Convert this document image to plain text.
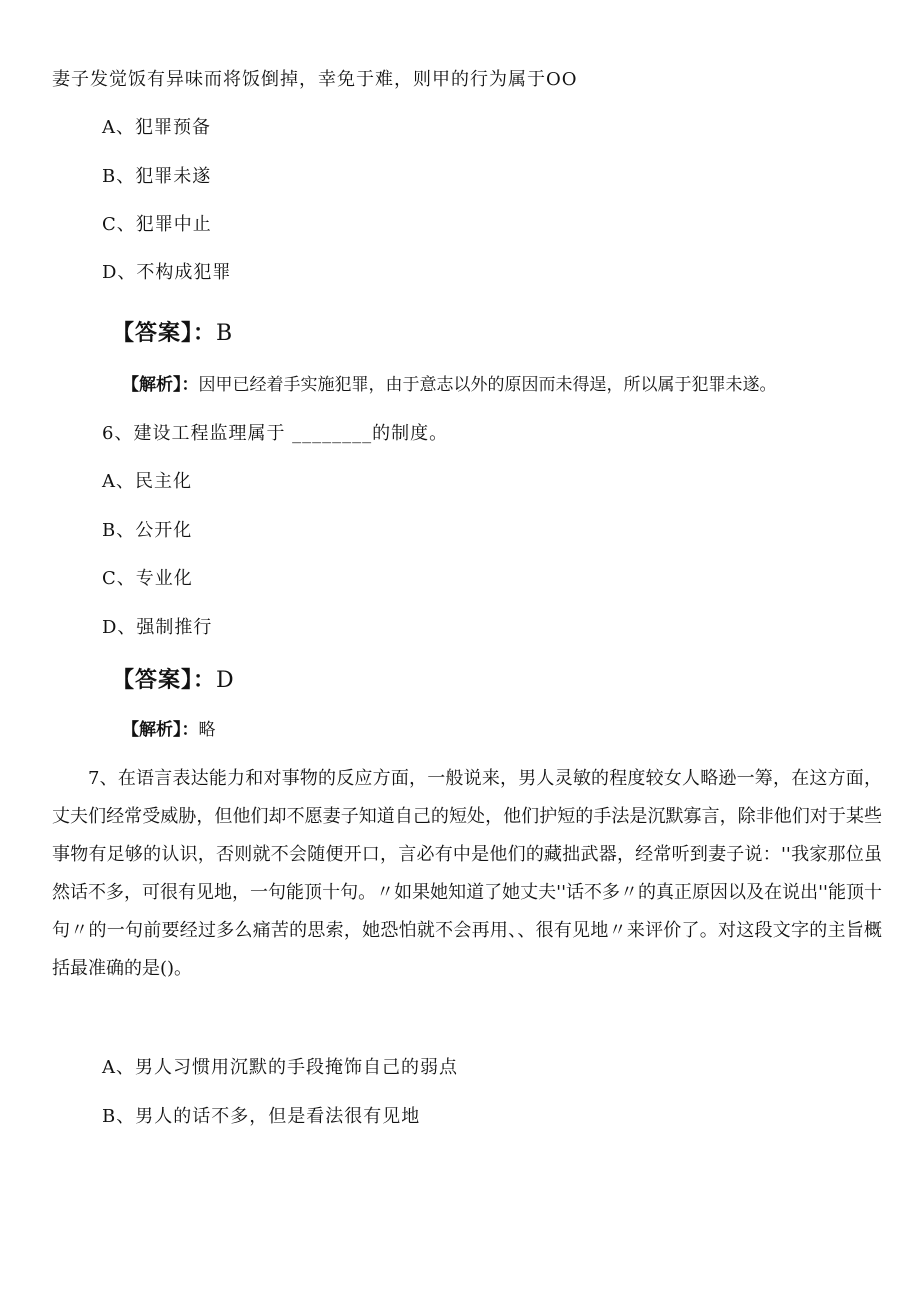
妻子发觉饭有异味而将饭倒掉，幸免于难，则甲的行为属于OO
A、犯罪预备
B、犯罪未遂
C、犯罪中止
D、不构成犯罪
【答案】：B
【解析】：因甲已经着手实施犯罪，由于意志以外的原因而未得逞，所以属于犯罪未遂。
6、建设工程监理属于 ________的制度。
A、民主化
B、公开化
C、专业化
D、强制推行
【答案】：D
【解析】：略
7、在语言表达能力和对事物的反应方面，一般说来，男人灵敏的程度较女人略逊一筹，在这方面，丈夫们经常受威胁，但他们却不愿妻子知道自己的短处，他们护短的手法是沉默寡言，除非他们对于某些事物有足够的认识，否则就不会随便开口，言必有中是他们的藏拙武器，经常听到妻子说：''我家那位虽然话不多，可很有见地，一句能顶十句。〃如果她知道了她丈夫''话不多〃的真正原因以及在说出''能顶十句〃的一句前要经过多么痛苦的思索，她恐怕就不会再用、、很有见地〃来评价了。对这段文字的主旨概括最准确的是()。
A、男人习惯用沉默的手段掩饰自己的弱点
B、男人的话不多，但是看法很有见地
